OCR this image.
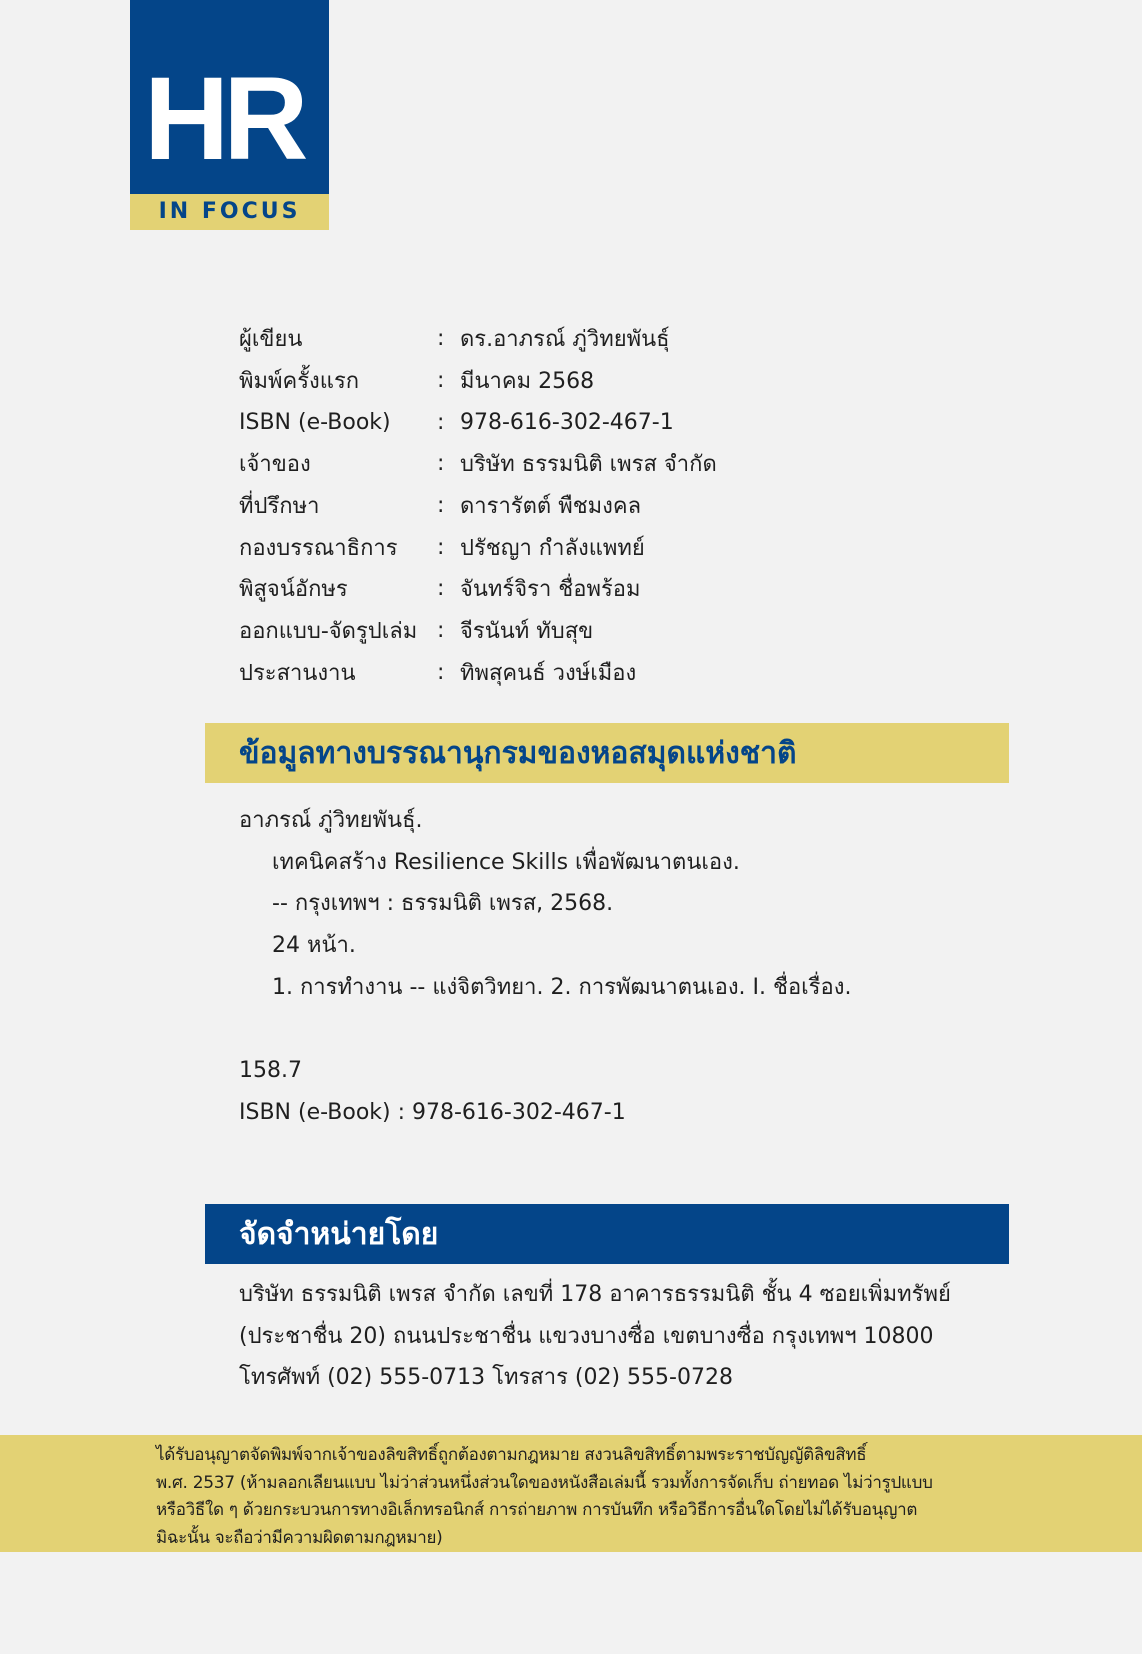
HR
IN FOCUS
ผู้เขียน	: ดร.อาภรณ์ ภู่วิทยพันธุ์
พิมพ์ครั้งแรก	: มีนาคม 2568
ISBN (e-Book)	: 978-616-302-467-1
เจ้าของ	: บริษัท ธรรมนิติ เพรส จำกัด
ที่ปรึกษา	: ดารารัตต์ พืชมงคล
กองบรรณาธิการ	: ปรัชญา กำลังแพทย์
พิสูจน์อักษร	: จันทร์จิรา ชื่อพร้อม
ออกแบบ-จัดรูปเล่ม : จีรนันท์ ทับสุข
ประสานงาน	: ทิพสุคนธ์ วงษ์เมือง
ข้อมูลทางบรรณานุกรมของหอสมุดแห่งชาติ
อาภรณ์ ภู่วิทยพันธุ์.
เทคนิคสร้าง Resilience Skills เพื่อพัฒนาตนเอง.
-- กรุงเทพฯ : ธรรมนิติ เพรส, 2568.
24 หน้า.
1. การทำงาน -- แง่จิตวิทยา. 2. การพัฒนาตนเอง. I. ชื่อเรื่อง.
158.7
ISBN (e-Book) : 978-616-302-467-1
จัดจำหน่ายโดย
บริษัท ธรรมนิติ เพรส จำกัด เลขที่ 178 อาคารธรรมนิติ ชั้น 4 ซอยเพิ่มทรัพย์
(ประชาชื่น 20) ถนนประชาชื่น แขวงบางซื่อ เขตบางซื่อ กรุงเทพฯ 10800
โทรศัพท์ (02) 555-0713 โทรสาร (02) 555-0728
ได้รับอนุญาตจัดพิมพ์จากเจ้าของลิขสิทธิ์ถูกต้องตามกฎหมาย สงวนลิขสิทธิ์ตามพระราชบัญญัติลิขสิทธิ์
พ.ศ. 2537 (ห้ามลอกเลียนแบบ ไม่ว่าส่วนหนึ่งส่วนใดของหนังสือเล่มนี้ รวมทั้งการจัดเก็บ ถ่ายทอด ไม่ว่ารูปแบบ
หรือวิธีใด ๆ ด้วยกระบวนการทางอิเล็กทรอนิกส์ การถ่ายภาพ การบันทึก หรือวิธีการอื่นใดโดยไม่ได้รับอนุญาต
มิฉะนั้น จะถือว่ามีความผิดตามกฎหมาย)
